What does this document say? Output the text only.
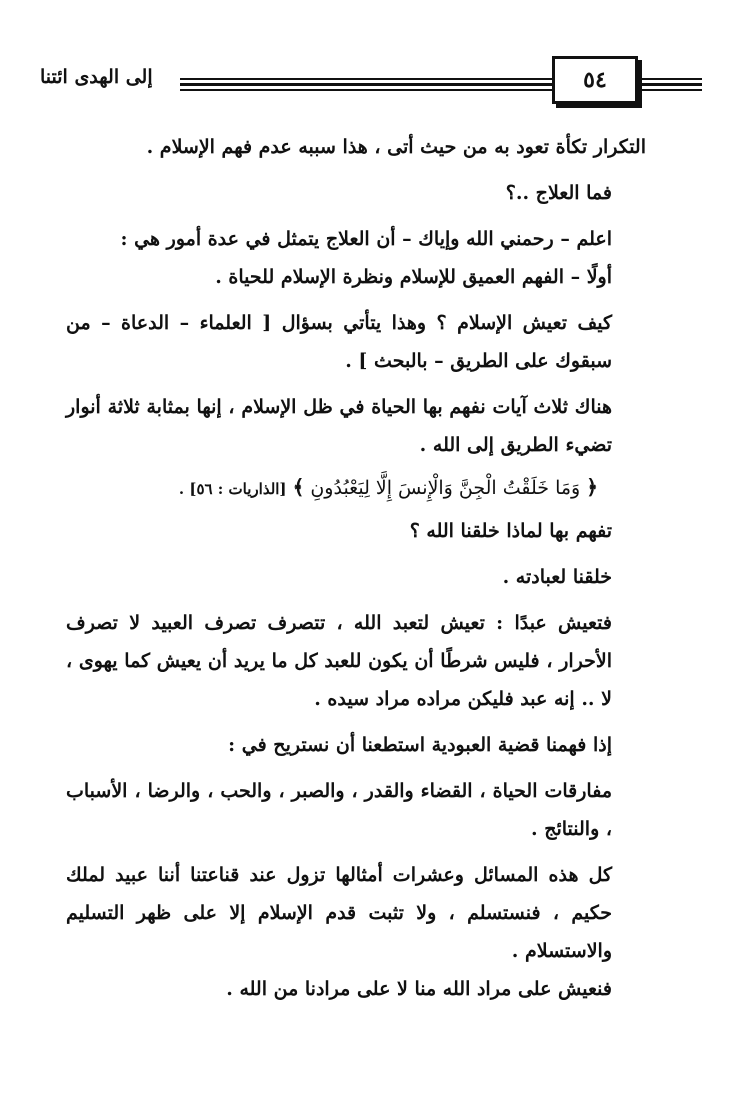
إلى الهدى ائتنا	٥٤

التكرار تكأة تعود به من حيث أتى ، هذا سببه عدم فهم الإسلام .

فما العلاج ..؟

اعلم – رحمني الله وإياك – أن العلاج يتمثل في عدة أمور هي :

أولًا – الفهم العميق للإسلام ونظرة الإسلام للحياة .

كيف تعيش الإسلام ؟ وهذا يتأتي بسؤال [ العلماء – الدعاة – من سبقوك على الطريق – بالبحث ] .

هناك ثلاث آيات نفهم بها الحياة في ظل الإسلام ، إنها بمثابة ثلاثة أنوار تضيء الطريق إلى الله .

﴿ وَمَا خَلَقْتُ الْجِنَّ وَالْإِنسَ إِلَّا لِيَعْبُدُونِ ﴾ [الذاريات : ٥٦] .

تفهم بها لماذا خلقنا الله ؟

خلقنا لعبادته .

فتعيش عبدًا : تعيش لتعبد الله ، تتصرف تصرف العبيد لا تصرف الأحرار ، فليس شرطًا أن يكون للعبد كل ما يريد أن يعيش كما يهوى ، لا .. إنه عبد فليكن مراده مراد سيده .

إذا فهمنا قضية العبودية استطعنا أن نستريح في :

مفارقات الحياة ، القضاء والقدر ، والصبر ، والحب ، والرضا ، الأسباب ، والنتائج .

كل هذه المسائل وعشرات أمثالها تزول عند قناعتنا أننا عبيد لملك حكيم ، فنستسلم ، ولا تثبت قدم الإسلام إلا على ظهر التسليم والاستسلام .

فنعيش على مراد الله منا لا على مرادنا من الله .
